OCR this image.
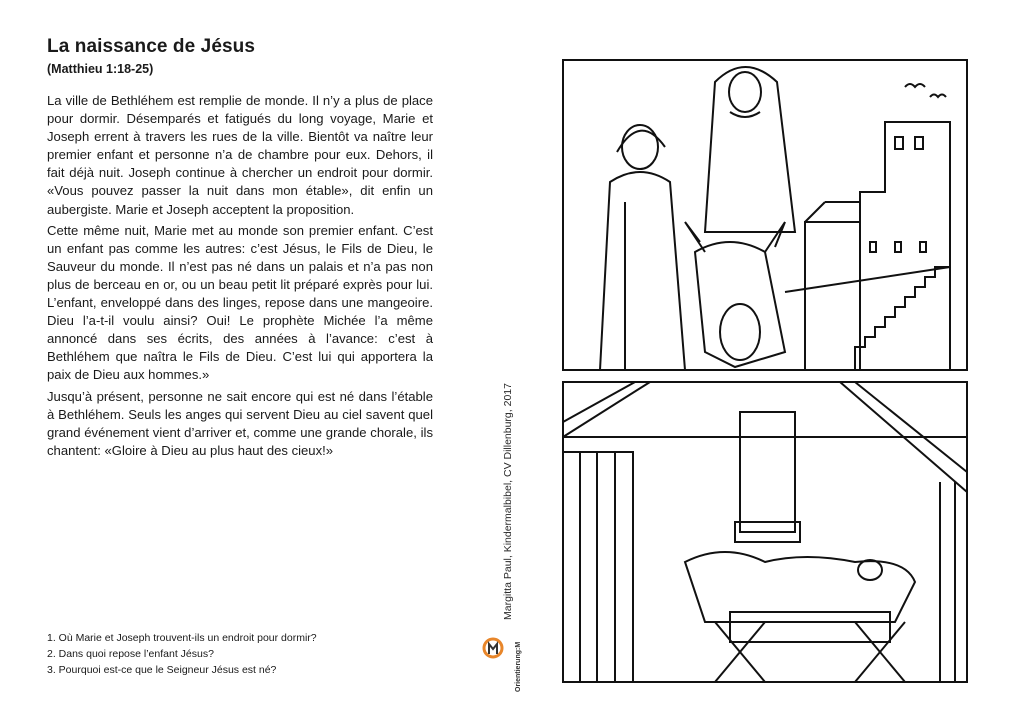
La naissance de Jésus
(Matthieu 1:18-25)

La ville de Bethléhem est remplie de monde. Il n’y a plus de place pour dormir. Désemparés et fatigués du long voyage, Marie et Joseph errent à travers les rues de la ville. Bientôt va naître leur premier enfant et personne n’a de chambre pour eux. Dehors, il fait déjà nuit. Joseph continue à chercher un endroit pour dormir. «Vous pouvez passer la nuit dans mon étable», dit enfin un aubergiste. Marie et Joseph acceptent la proposition.

Cette même nuit, Marie met au monde son premier enfant. C’est un enfant pas comme les autres: c’est Jésus, le Fils de Dieu, le Sauveur du monde. Il n’est pas né dans un palais et n’a pas non plus de berceau en or, ou un beau petit lit préparé exprès pour lui. L’enfant, enveloppé dans des linges, repose dans une mangeoire. Dieu l’a-t-il voulu ainsi? Oui! Le prophète Michée l’a même annoncé dans ses écrits, des années à l’avance: c’est à Bethléhem que naîtra le Fils de Dieu. C’est lui qui apportera la paix de Dieu aux hommes.»

Jusqu’à présent, personne ne sait encore qui est né dans l’étable à Bethléhem. Seuls les anges qui servent Dieu au ciel savent quel grand événement vient d’arriver et, comme une grande chorale, ils chantent: «Gloire à Dieu au plus haut des cieux!»

1. Où Marie et Joseph trouvent-ils un endroit pour dormir?
2. Dans quoi repose l’enfant Jésus?
3. Pourquoi est-ce que le Seigneur Jésus est né?
Margitta Paul, Kindermalbibel, CV Dillenburg, 2017
Orientierung:M
